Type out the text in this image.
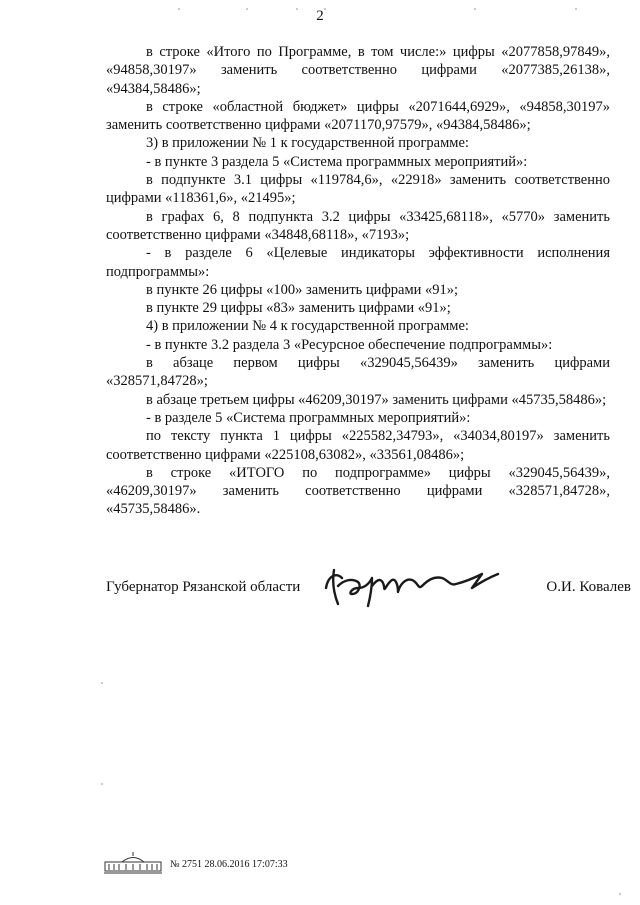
2

в строке «Итого по Программе, в том числе:» цифры «2077858,97849», «94858,30197» заменить соответственно цифрами «2077385,26138», «94384,58486»;

в строке «областной бюджет» цифры «2071644,6929», «94858,30197» заменить соответственно цифрами «2071170,97579», «94384,58486»;

3) в приложении № 1 к государственной программе:

- в пункте 3 раздела 5 «Система программных мероприятий»:

в подпункте 3.1 цифры «119784,6», «22918» заменить соответственно цифрами «118361,6», «21495»;

в графах 6, 8 подпункта 3.2 цифры «33425,68118», «5770» заменить соответственно цифрами «34848,68118», «7193»;

- в разделе 6 «Целевые индикаторы эффективности исполнения подпрограммы»:

в пункте 26 цифры «100» заменить цифрами «91»;

в пункте 29 цифры «83» заменить цифрами «91»;

4) в приложении № 4 к государственной программе:

- в пункте 3.2 раздела 3 «Ресурсное обеспечение подпрограммы»:

в абзаце первом цифры «329045,56439» заменить цифрами «328571,84728»;

в абзаце третьем цифры «46209,30197» заменить цифрами «45735,58486»;

- в разделе 5 «Система программных мероприятий»:

по тексту пункта 1 цифры «225582,34793», «34034,80197» заменить соответственно цифрами «225108,63082», «33561,08486»;

в строке «ИТОГО по подпрограмме» цифры «329045,56439», «46209,30197» заменить соответственно цифрами «328571,84728», «45735,58486».

Губернатор Рязанской области	О.И. Ковалев
№ 2751 28.06.2016 17:07:33
